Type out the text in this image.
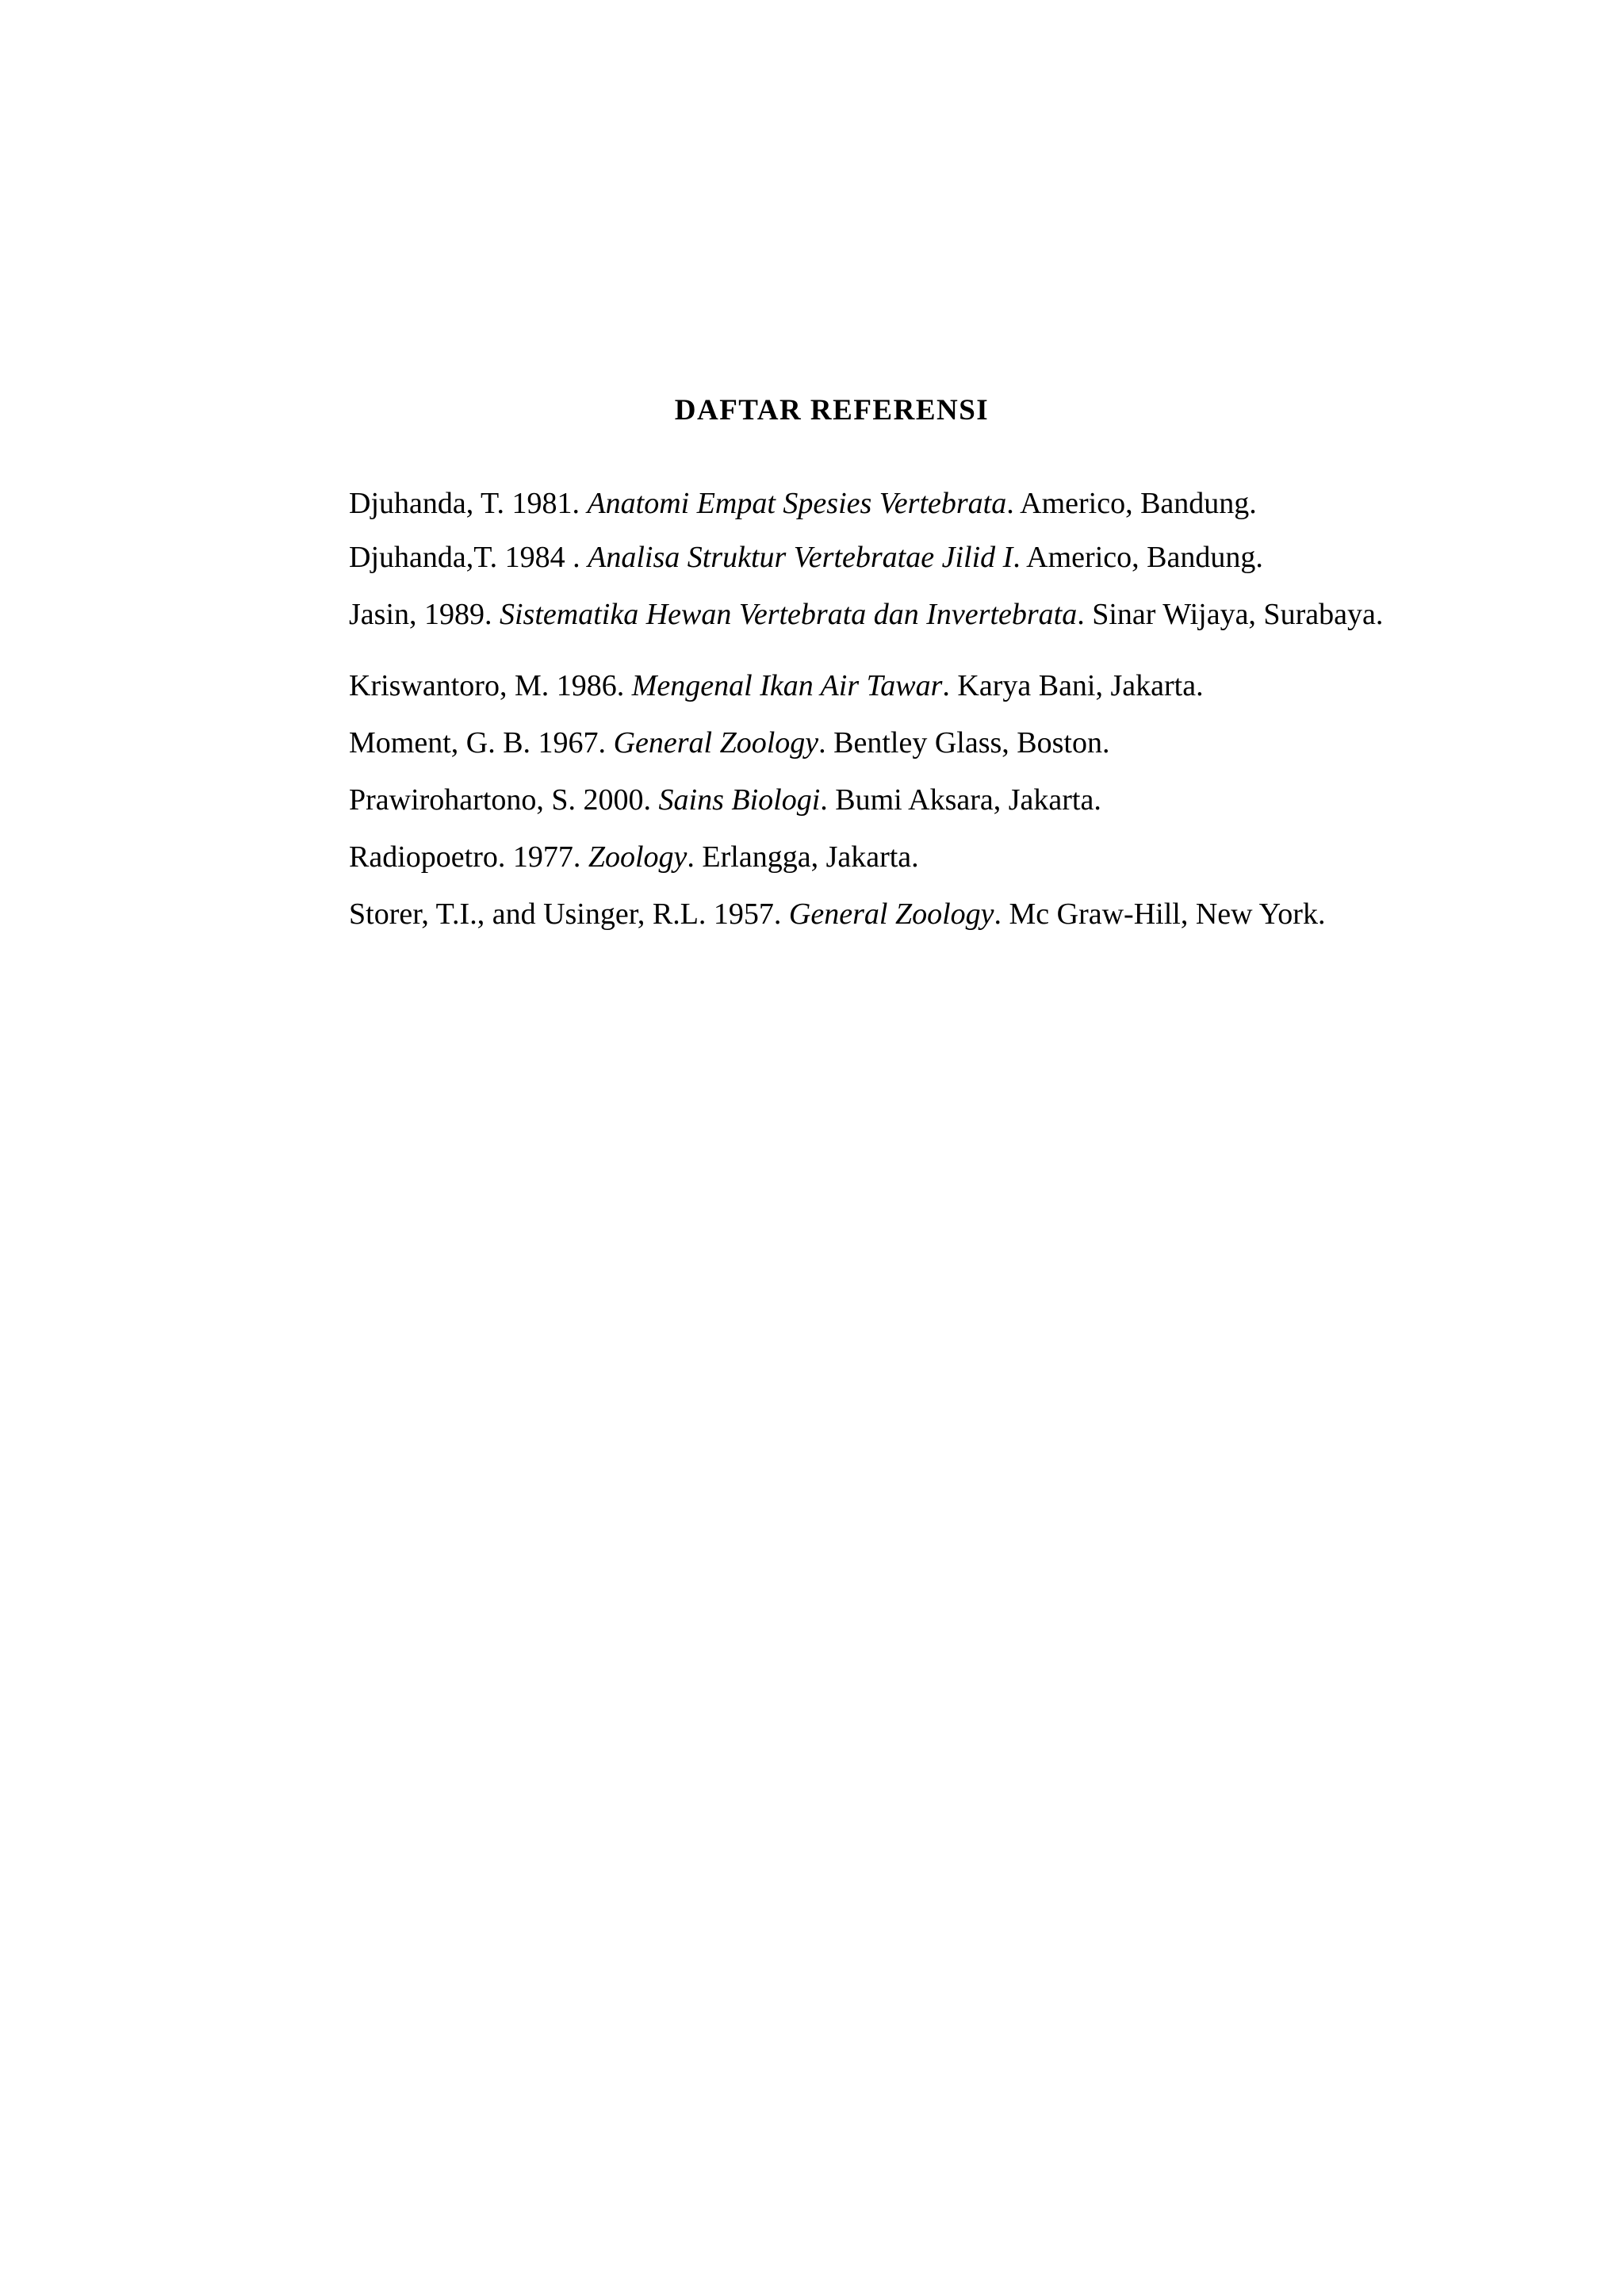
DAFTAR REFERENSI
Djuhanda, T. 1981. Anatomi Empat Spesies Vertebrata. Americo, Bandung.
Djuhanda,T. 1984 . Analisa Struktur Vertebratae Jilid I. Americo, Bandung.
Jasin, 1989. Sistematika Hewan Vertebrata dan Invertebrata. Sinar Wijaya, Surabaya.
Kriswantoro, M. 1986. Mengenal Ikan Air Tawar. Karya Bani, Jakarta.
Moment, G. B. 1967. General Zoology. Bentley Glass, Boston.
Prawirohartono, S. 2000. Sains Biologi. Bumi Aksara, Jakarta.
Radiopoetro. 1977. Zoology. Erlangga, Jakarta.
Storer, T.I., and Usinger, R.L. 1957. General Zoology. Mc Graw-Hill, New York.
